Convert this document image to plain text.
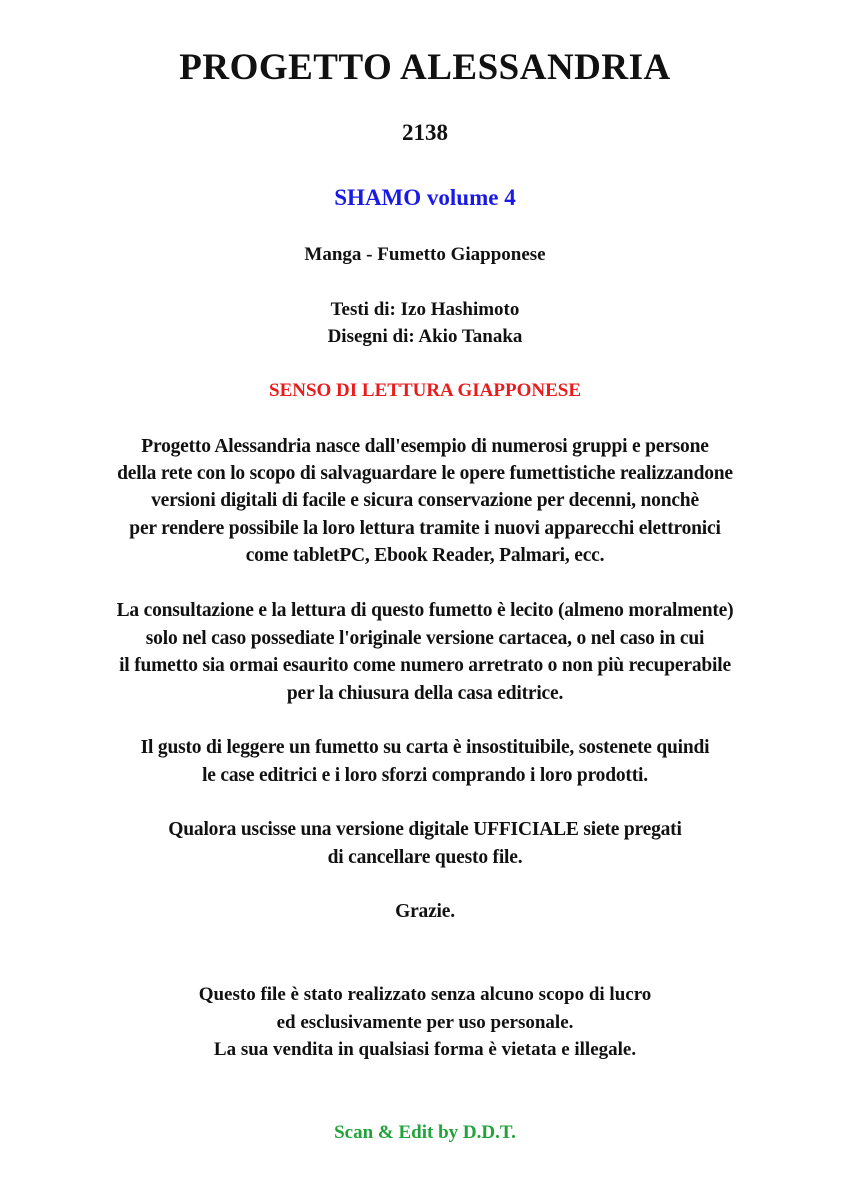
PROGETTO ALESSANDRIA
2138
SHAMO volume 4
Manga - Fumetto Giapponese
Testi di: Izo Hashimoto
Disegni di: Akio Tanaka
SENSO DI LETTURA GIAPPONESE
Progetto Alessandria nasce dall'esempio di numerosi gruppi e persone
della rete con lo scopo di salvaguardare le opere fumettistiche realizzandone
versioni digitali di facile e sicura conservazione per decenni, nonchè
per rendere possibile la loro lettura tramite i nuovi apparecchi elettronici
come tabletPC, Ebook Reader, Palmari, ecc.
La consultazione e la lettura di questo fumetto è lecito (almeno moralmente)
solo nel caso possediate l'originale versione cartacea, o nel caso in cui
il fumetto sia ormai esaurito come numero arretrato o non più recuperabile
per la chiusura della casa editrice.
Il gusto di leggere un fumetto su carta è insostituibile, sostenete quindi
le case editrici e i loro sforzi comprando i loro prodotti.
Qualora uscisse una versione digitale UFFICIALE siete pregati
di cancellare questo file.
Grazie.
Questo file è stato realizzato senza alcuno scopo di lucro
ed esclusivamente per uso personale.
La sua vendita in qualsiasi forma è vietata e illegale.
Scan & Edit by D.D.T.
